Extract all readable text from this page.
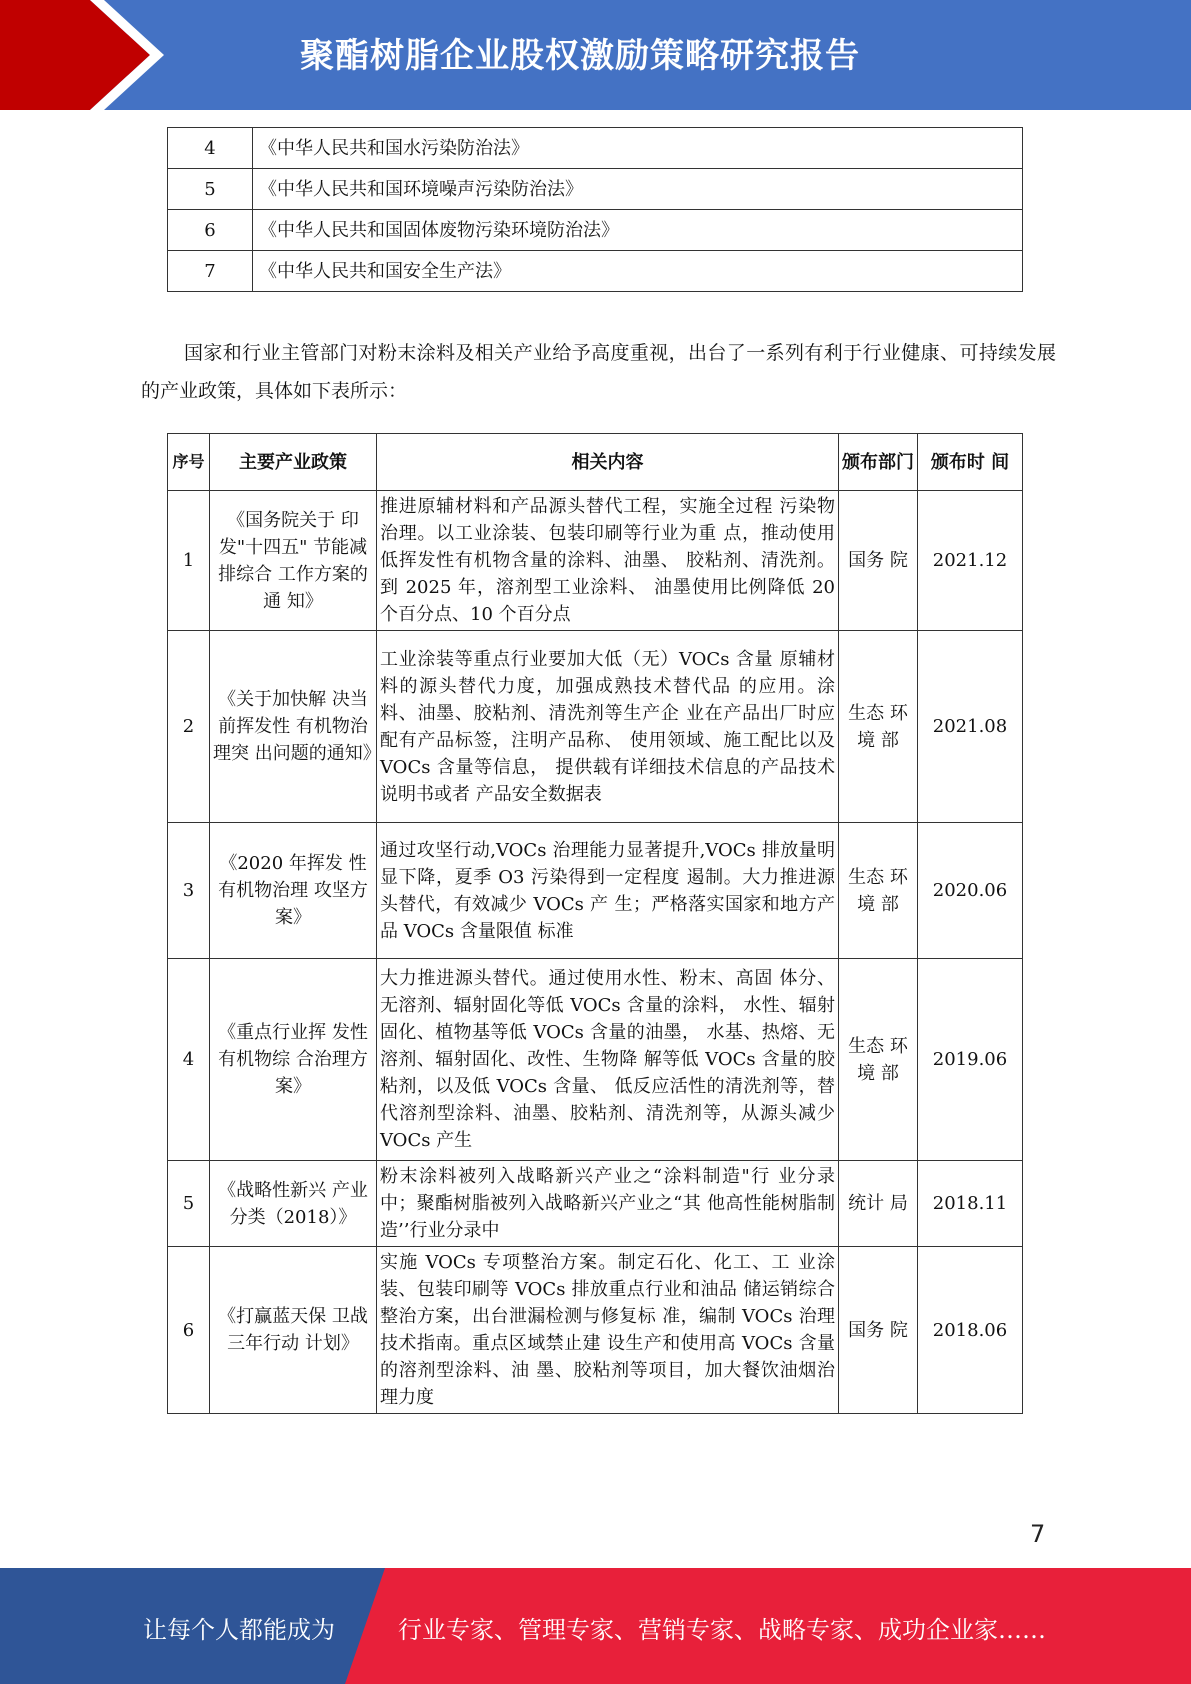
聚酯树脂企业股权激励策略研究报告
4	《中华人民共和国水污染防治法》
5	《中华人民共和国环境噪声污染防治法》
6	《中华人民共和国固体废物污染环境防治法》
7	《中华人民共和国安全生产法》
国家和行业主管部门对粉末涂料及相关产业给予高度重视，出台了一系列有利于行业健康、可持续发展的产业政策，具体如下表所示：
序号	主要产业政策	相关内容	颁布部门	颁布时 间
1	《国务院关于 印发"十四五" 节能减排综合 工作方案的通 知》	推进原辅材料和产品源头替代工程，实施全过程 污染物治理。以工业涂装、包装印刷等行业为重 点，推动使用低挥发性有机物含量的涂料、油墨、 胶粘剂、清洗剂。到 2025 年，溶剂型工业涂料、 油墨使用比例降低 20 个百分点、10 个百分点	国务 院	2021.12
2	《关于加快解 决当前挥发性 有机物治理突 出问题的通知》	工业涂装等重点行业要加大低（无）VOCs 含量 原辅材料的源头替代力度，加强成熟技术替代品 的应用。涂料、油墨、胶粘剂、清洗剂等生产企 业在产品出厂时应配有产品标签，注明产品称、 使用领域、施工配比以及 VOCs 含量等信息， 提供载有详细技术信息的产品技术说明书或者 产品安全数据表	生态 环境 部	2021.08
3	《2020 年挥发 性有机物治理 攻坚方案》	通过攻坚行动,VOCs 治理能力显著提升,VOCs 排放量明显下降，夏季 O3 污染得到一定程度 遏制。大力推进源头替代，有效减少 VOCs 产 生；严格落实国家和地方产品 VOCs 含量限值 标准	生态 环境 部	2020.06
4	《重点行业挥 发性有机物综 合治理方案》	大力推进源头替代。通过使用水性、粉末、高固 体分、无溶剂、辐射固化等低 VOCs 含量的涂料， 水性、辐射固化、植物基等低 VOCs 含量的油墨， 水基、热熔、无溶剂、辐射固化、改性、生物降 解等低 VOCs 含量的胶粘剂，以及低 VOCs 含量、 低反应活性的清洗剂等，替代溶剂型涂料、油墨、胶粘剂、清洗剂等，从源头减少 VOCs 产生	生态 环境 部	2019.06
5	《战略性新兴 产业分类（2018）》	粉末涂料被列入战略新兴产业之“涂料制造"行 业分录中；聚酯树脂被列入战略新兴产业之“其 他高性能树脂制造’’行业分录中	统计 局	2018.11
6	《打赢蓝天保 卫战三年行动 计划》	实施 VOCs 专项整治方案。制定石化、化工、工 业涂装、包装印刷等 VOCs 排放重点行业和油品 储运销综合整治方案，出台泄漏检测与修复标 准，编制 VOCs 治理技术指南。重点区域禁止建 设生产和使用高 VOCs 含量的溶剂型涂料、油 墨、胶粘剂等项目，加大餐饮油烟治理力度	国务 院	2018.06
7
让每个人都能成为	行业专家、管理专家、营销专家、战略专家、成功企业家……
